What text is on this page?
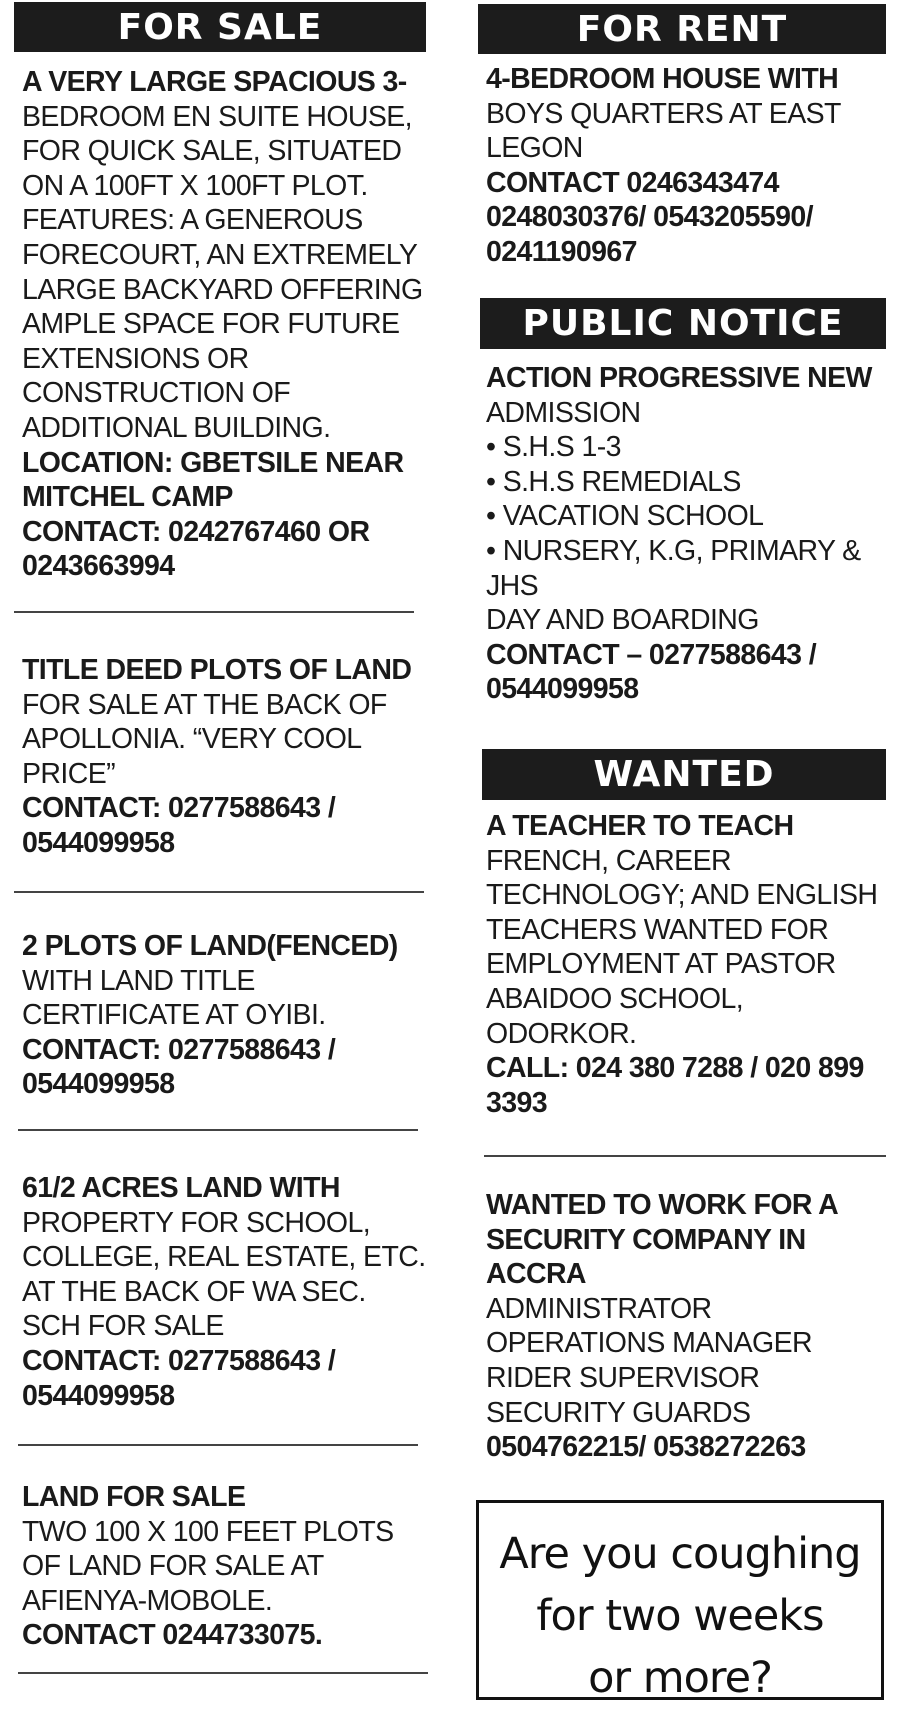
FOR SALE
A VERY LARGE SPACIOUS 3-
BEDROOM EN SUITE HOUSE,
FOR QUICK SALE, SITUATED
ON A 100FT X 100FT PLOT.
FEATURES: A GENEROUS
FORECOURT, AN EXTREMELY
LARGE BACKYARD OFFERING
AMPLE SPACE FOR FUTURE
EXTENSIONS OR
CONSTRUCTION OF
ADDITIONAL BUILDING.
LOCATION: GBETSILE NEAR
MITCHEL CAMP
CONTACT: 0242767460 OR
0243663994
TITLE DEED PLOTS OF LAND
FOR SALE AT THE BACK OF
APOLLONIA. “VERY COOL
PRICE”
CONTACT: 0277588643 /
0544099958
2 PLOTS OF LAND(FENCED)
WITH LAND TITLE
CERTIFICATE AT OYIBI.
CONTACT: 0277588643 /
0544099958
61/2 ACRES LAND WITH
PROPERTY FOR SCHOOL,
COLLEGE, REAL ESTATE, ETC.
AT THE BACK OF WA SEC.
SCH FOR SALE
CONTACT: 0277588643 /
0544099958
LAND FOR SALE
TWO 100 X 100 FEET PLOTS
OF LAND FOR SALE AT
AFIENYA-MOBOLE.
CONTACT 0244733075.
FOR RENT
4-BEDROOM HOUSE WITH
BOYS QUARTERS AT EAST
LEGON
CONTACT 0246343474
0248030376/ 0543205590/
0241190967
PUBLIC NOTICE
ACTION PROGRESSIVE NEW
ADMISSION
• S.H.S 1-3
• S.H.S REMEDIALS
• VACATION SCHOOL
• NURSERY, K.G, PRIMARY &
JHS
DAY AND BOARDING
CONTACT – 0277588643 /
0544099958
WANTED
A TEACHER TO TEACH
FRENCH, CAREER
TECHNOLOGY; AND ENGLISH
TEACHERS WANTED FOR
EMPLOYMENT AT PASTOR
ABAIDOO SCHOOL,
ODORKOR.
CALL: 024 380 7288 / 020 899
3393
WANTED TO WORK FOR A
SECURITY COMPANY IN
ACCRA
ADMINISTRATOR
OPERATIONS MANAGER
RIDER SUPERVISOR
SECURITY GUARDS
0504762215/ 0538272263
Are you coughing
for two weeks
or more?
